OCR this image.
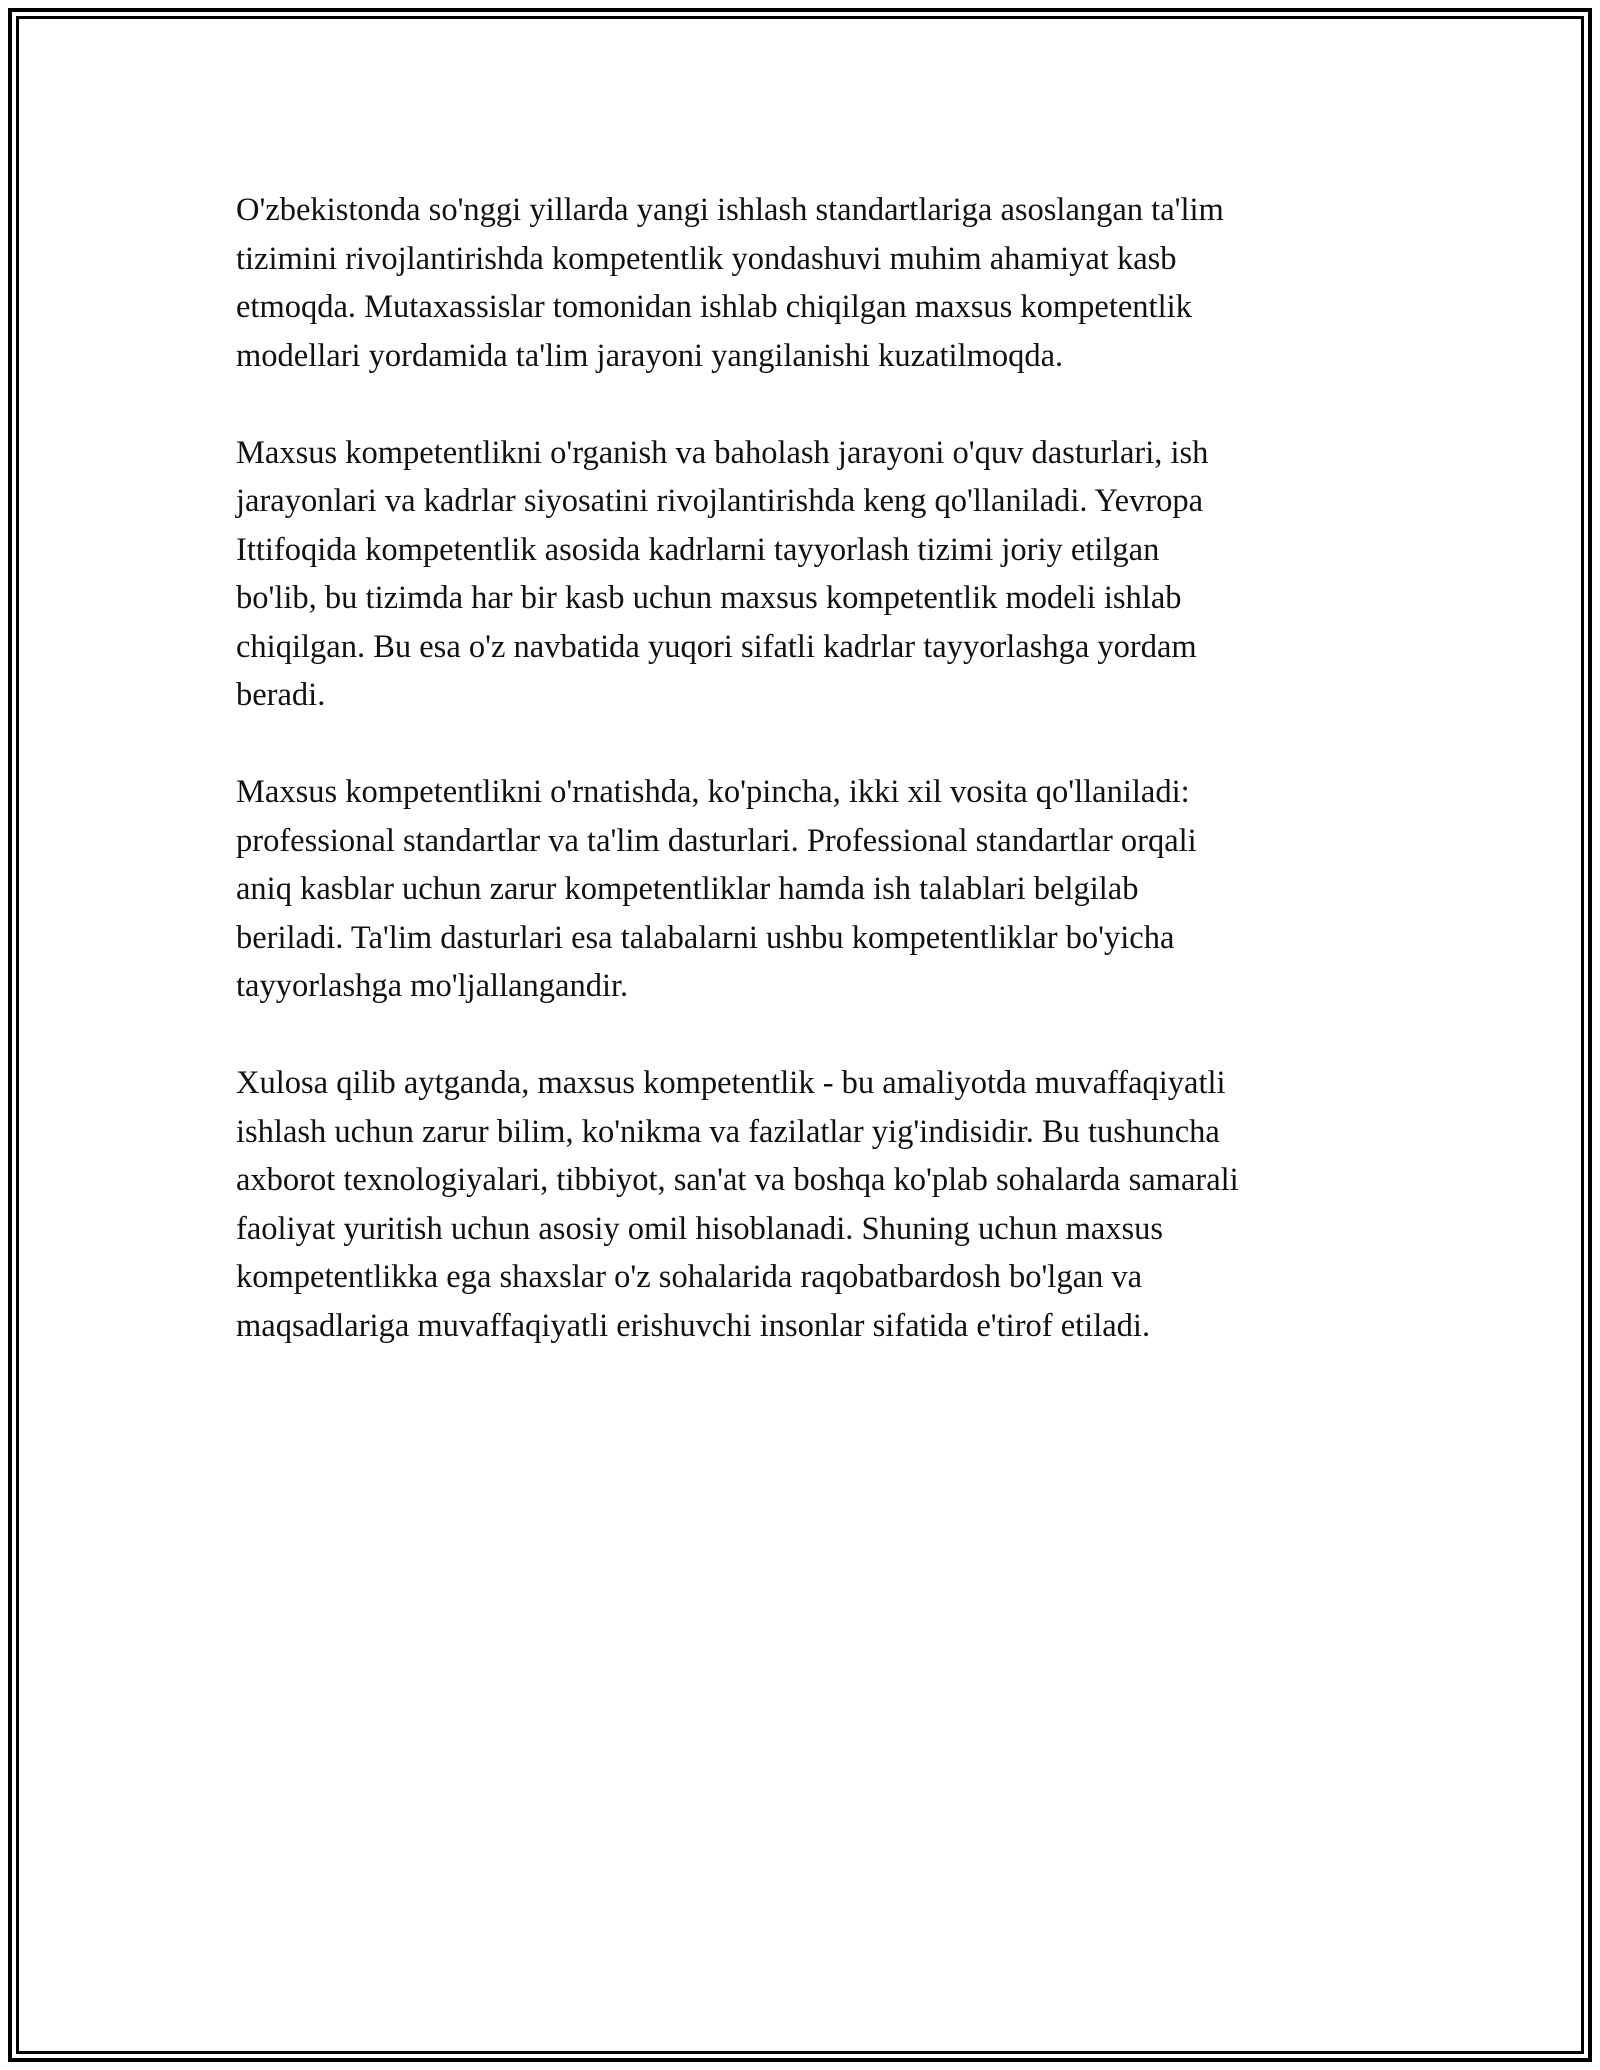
O'zbekistonda so'nggi yillarda yangi ishlash standartlariga asoslangan ta'lim
tizimini rivojlantirishda kompetentlik yondashuvi muhim ahamiyat kasb
etmoqda. Mutaxassislar tomonidan ishlab chiqilgan maxsus kompetentlik
modellari yordamida ta'lim jarayoni yangilanishi kuzatilmoqda.

Maxsus kompetentlikni o'rganish va baholash jarayoni o'quv dasturlari, ish
jarayonlari va kadrlar siyosatini rivojlantirishda keng qo'llaniladi. Yevropa
Ittifoqida kompetentlik asosida kadrlarni tayyorlash tizimi joriy etilgan
bo'lib, bu tizimda har bir kasb uchun maxsus kompetentlik modeli ishlab
chiqilgan. Bu esa o'z navbatida yuqori sifatli kadrlar tayyorlashga yordam
beradi.

Maxsus kompetentlikni o'rnatishda, ko'pincha, ikki xil vosita qo'llaniladi:
professional standartlar va ta'lim dasturlari. Professional standartlar orqali
aniq kasblar uchun zarur kompetentliklar hamda ish talablari belgilab
beriladi. Ta'lim dasturlari esa talabalarni ushbu kompetentliklar bo'yicha
tayyorlashga mo'ljallangandir.

Xulosa qilib aytganda, maxsus kompetentlik - bu amaliyotda muvaffaqiyatli
ishlash uchun zarur bilim, ko'nikma va fazilatlar yig'indisidir. Bu tushuncha
axborot texnologiyalari, tibbiyot, san'at va boshqa ko'plab sohalarda samarali
faoliyat yuritish uchun asosiy omil hisoblanadi. Shuning uchun maxsus
kompetentlikka ega shaxslar o'z sohalarida raqobatbardosh bo'lgan va
maqsadlariga muvaffaqiyatli erishuvchi insonlar sifatida e'tirof etiladi.
